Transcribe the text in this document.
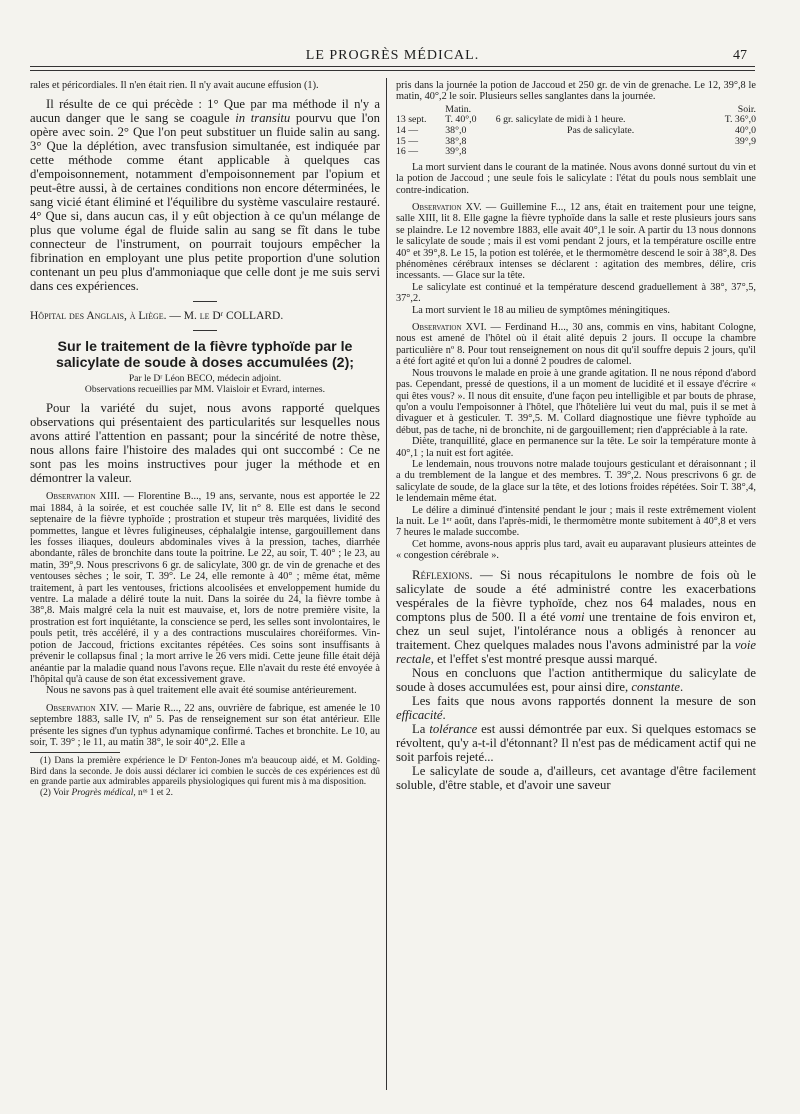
LE PROGRÈS MÉDICAL.	47

rales et péricordiales. Il n'en était rien. Il n'y avait aucune effusion (1).

Il résulte de ce qui précède : 1° Que par ma méthode il n'y a aucun danger que le sang se coagule in transitu pourvu que l'on opère avec soin. 2° Que l'on peut substituer un fluide salin au sang. 3° Que la déplétion, avec transfusion simultanée, est indiquée par cette méthode comme étant applicable à quelques cas d'empoisonnement, notamment d'empoisonnement par l'opium et peut-être aussi, à de certaines conditions non encore déterminées, le sang vicié étant éliminé et l'équilibre du système vasculaire restauré. 4° Que si, dans aucun cas, il y eût objection à ce qu'un mélange de plus que volume égal de fluide salin au sang se fît dans le tube connecteur de l'instrument, on pourrait toujours empêcher la fibrination en employant une plus petite proportion d'une solution contenant un peu plus d'ammoniaque que celle dont je me suis servi dans ces expériences.

Hôpital des Anglais, à Liège. — M. le Dʳ COLLARD.

Sur le traitement de la fièvre typhoïde par le salicylate de soude à doses accumulées (2);

Par le Dʳ Léon BECO, médecin adjoint.

Observations recueillies par MM. Vlaisloir et Evrard, internes.

Pour la variété du sujet, nous avons rapporté quelques observations qui présentaient des particularités sur lesquelles nous avons attiré l'attention en passant; pour la sincérité de notre thèse, nous allons faire l'histoire des malades qui ont succombé : Ce ne sont pas les moins instructives pour juger la méthode et en démontrer la valeur.

Observation XIII. — Florentine B..., 19 ans, servante, nous est apportée le 22 mai 1884, à la soirée, et est couchée salle IV, lit n° 8. Elle est dans le second septenaire de la fièvre typhoïde ; prostration et stupeur très marquées, lividité des pommettes, langue et lèvres fuligineuses, céphalalgie intense, gargouillement dans les fosses iliaques, douleurs abdominales vives à la pression, taches, diarrhée abondante, râles de bronchite dans toute la poitrine. Le 22, au soir, T. 40° ; le 23, au matin, 39°,9. Nous prescrivons 6 gr. de salicylate, 300 gr. de vin de grenache et des ventouses sèches ; le soir, T. 39°. Le 24, elle remonte à 40° ; même état, même traitement, à part les ventouses, frictions alcoolisées et enveloppement humide du ventre. La malade a déliré toute la nuit. Dans la soirée du 24, la fièvre tombe à 38°,8. Mais malgré cela la nuit est mauvaise, et, lors de notre première visite, la prostration est fort inquiétante, la conscience se perd, les selles sont involontaires, le pouls petit, très accéléré, il y a des contractions musculaires choréiformes. Vin-potion de Jaccoud, frictions excitantes répétées. Ces soins sont insuffisants à prévenir le collapsus final ; la mort arrive le 26 vers midi. Cette jeune fille était déjà anéantie par la maladie quand nous l'avons reçue. Elle n'avait du reste été envoyée à l'hôpital qu'à cause de son état excessivement grave.

Nous ne savons pas à quel traitement elle avait été soumise antérieurement.

Observation XIV. — Marie R..., 22 ans, ouvrière de fabrique, est amenée le 10 septembre 1883, salle IV, nº 5. Pas de renseignement sur son état antérieur. Elle présente les signes d'un typhus adynamique confirmé. Taches et bronchite. Le 10, au soir, T. 39° ; le 11, au matin 38°, le soir 40°,2. Elle a

(1) Dans la première expérience le Dʳ Fenton-Jones m'a beaucoup aidé, et M. Golding-Bird dans la seconde. Je dois aussi déclarer ici combien le succès de ces expériences est dû en grande partie aux admirables appareils physiologiques qui furent mis à ma disposition.

(2) Voir Progrès médical, nᵒˢ 1 et 2.

pris dans la journée la potion de Jaccoud et 250 gr. de vin de grenache. Le 12, 39°,8 le matin, 40°,2 le soir. Plusieurs selles sanglantes dans la journée.

	Matin.		Soir.
13 sept.	T. 40°,0	6 gr. salicylate de midi à 1 heure.	T. 36°,0
14 —	38°,0	Pas de salicylate.	40°,0
15 —	38°,8		39°,9
16 —	39°,8		

La mort survient dans le courant de la matinée. Nous avons donné surtout du vin et la potion de Jaccoud ; une seule fois le salicylate : l'état du pouls nous semblait une contre-indication.

Observation XV. — Guillemine F..., 12 ans, était en traitement pour une teigne, salle XIII, lit 8. Elle gagne la fièvre typhoïde dans la salle et reste plusieurs jours sans se plaindre. Le 12 novembre 1883, elle avait 40°,1 le soir. A partir du 13 nous donnons le salicylate de soude ; mais il est vomi pendant 2 jours, et la température oscille entre 40° et 39°,8. Le 15, la potion est tolérée, et le thermomètre descend le soir à 38°,8. Des phénomènes cérébraux intenses se déclarent : agitation des membres, délire, cris incessants. — Glace sur la tête.

Le salicylate est continué et la température descend graduellement à 38°, 37°,5, 37°,2.

La mort survient le 18 au milieu de symptômes méningitiques.

Observation XVI. — Ferdinand H..., 30 ans, commis en vins, habitant Cologne, nous est amené de l'hôtel où il était alité depuis 2 jours. Il occupe la chambre particulière nº 8. Pour tout renseignement on nous dit qu'il souffre depuis 2 jours, qu'il a été fort agité et qu'on lui a donné 2 poudres de calomel.

Nous trouvons le malade en proie à une grande agitation. Il ne nous répond d'abord pas. Cependant, pressé de questions, il a un moment de lucidité et il essaye d'écrire « qui êtes vous? ». Il nous dit ensuite, d'une façon peu intelligible et par bouts de phrase, qu'on a voulu l'empoisonner à l'hôtel, que l'hôtelière lui veut du mal, puis il se met à divaguer et à gesticuler. T. 39°,5. M. Collard diagnostique une fièvre typhoïde au début, pas de tache, ni de bronchite, ni de gargouillement; rien d'appréciable à la rate.

Diète, tranquillité, glace en permanence sur la tête. Le soir la température monte à 40°,1 ; la nuit est fort agitée.

Le lendemain, nous trouvons notre malade toujours gesticulant et déraisonnant ; il a du tremblement de la langue et des membres. T. 39°,2. Nous prescrivons 6 gr. de salicylate de soude, de la glace sur la tête, et des lotions froides répétées. Soir T. 38°,4, le lendemain même état.

Le délire a diminué d'intensité pendant le jour ; mais il reste extrêmement violent la nuit. Le 1ᵉʳ août, dans l'après-midi, le thermomètre monte subitement à 40°,8 et vers 7 heures le malade succombe.

Cet homme, avons-nous appris plus tard, avait eu auparavant plusieurs atteintes de « congestion cérébrale ».

Réflexions. — Si nous récapitulons le nombre de fois où le salicylate de soude a été administré contre les exacerbations vespérales de la fièvre typhoïde, chez nos 64 malades, nous en comptons plus de 500. Il a été vomi une trentaine de fois environ et, chez un seul sujet, l'intolérance nous a obligés à renoncer au traitement. Chez quelques malades nous l'avons administré par la voie rectale, et l'effet s'est montré presque aussi marqué.

Nous en concluons que l'action antithermique du salicylate de soude à doses accumulées est, pour ainsi dire, constante.

Les faits que nous avons rapportés donnent la mesure de son efficacité.

La tolérance est aussi démontrée par eux. Si quelques estomacs se révoltent, qu'y a-t-il d'étonnant? Il n'est pas de médicament actif qui ne soit parfois rejeté...

Le salicylate de soude a, d'ailleurs, cet avantage d'être facilement soluble, d'être stable, et d'avoir une saveur
